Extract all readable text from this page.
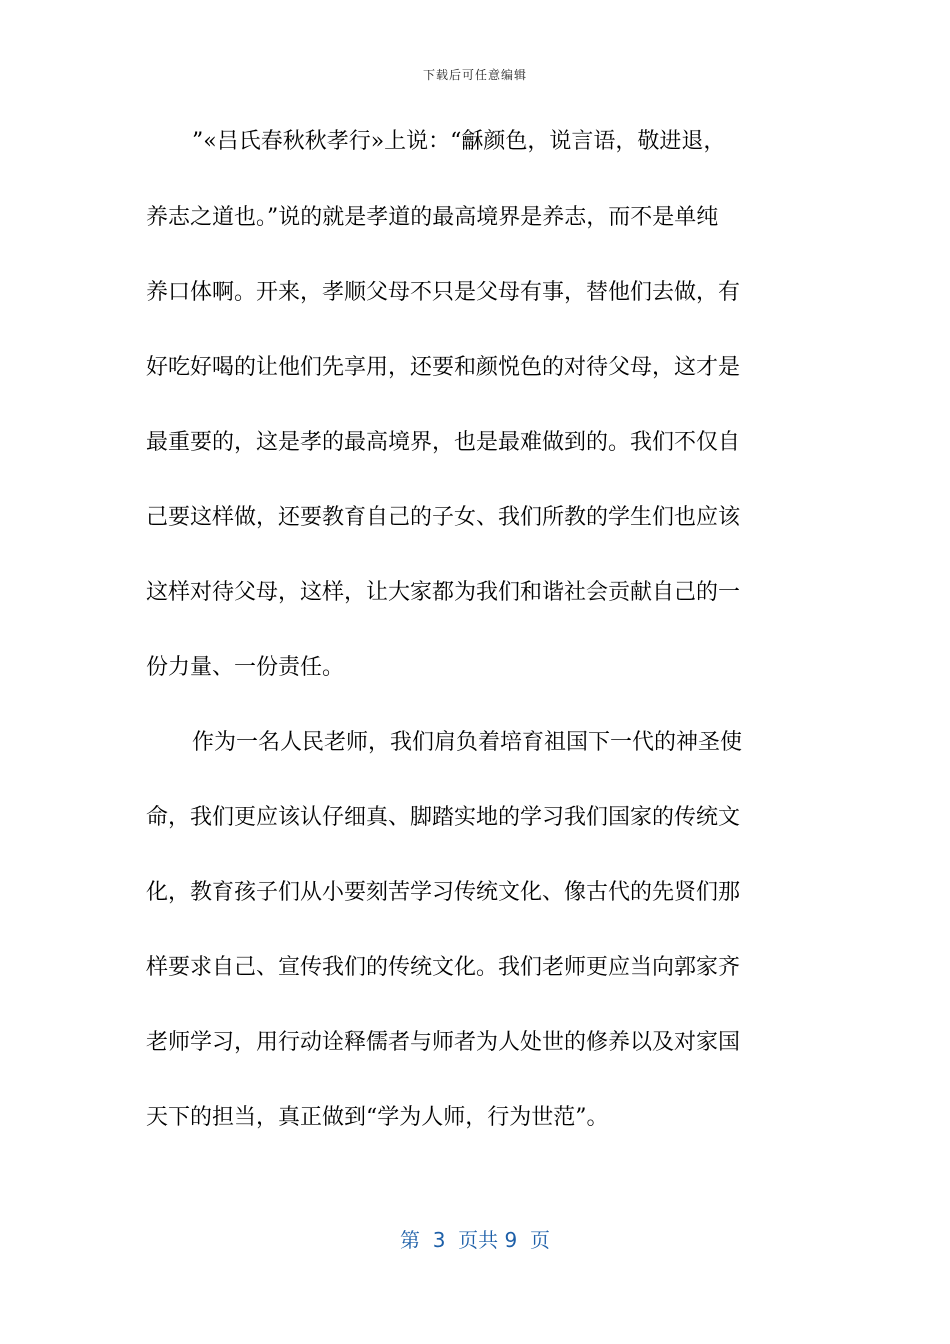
下载后可任意编辑
”«吕氏春秋秋孝行»上说：“龢颜色，说言语，敬进退，
养志之道也。”说的就是孝道的最高境界是养志，而不是单纯
养口体啊。开来，孝顺父母不只是父母有事，替他们去做，有
好吃好喝的让他们先享用，还要和颜悦色的对待父母，这才是
最重要的，这是孝的最高境界，也是最难做到的。我们不仅自
己要这样做，还要教育自己的子女、我们所教的学生们也应该
这样对待父母，这样，让大家都为我们和谐社会贡献自己的一
份力量、一份责任。
作为一名人民老师，我们肩负着培育祖国下一代的神圣使
命，我们更应该认仔细真、脚踏实地的学习我们国家的传统文
化，教育孩子们从小要刻苦学习传统文化、像古代的先贤们那
样要求自己、宣传我们的传统文化。我们老师更应当向郭家齐
老师学习，用行动诠释儒者与师者为人处世的修养以及对家国
天下的担当，真正做到“学为人师，行为世范”。
第  3  页共 9  页
